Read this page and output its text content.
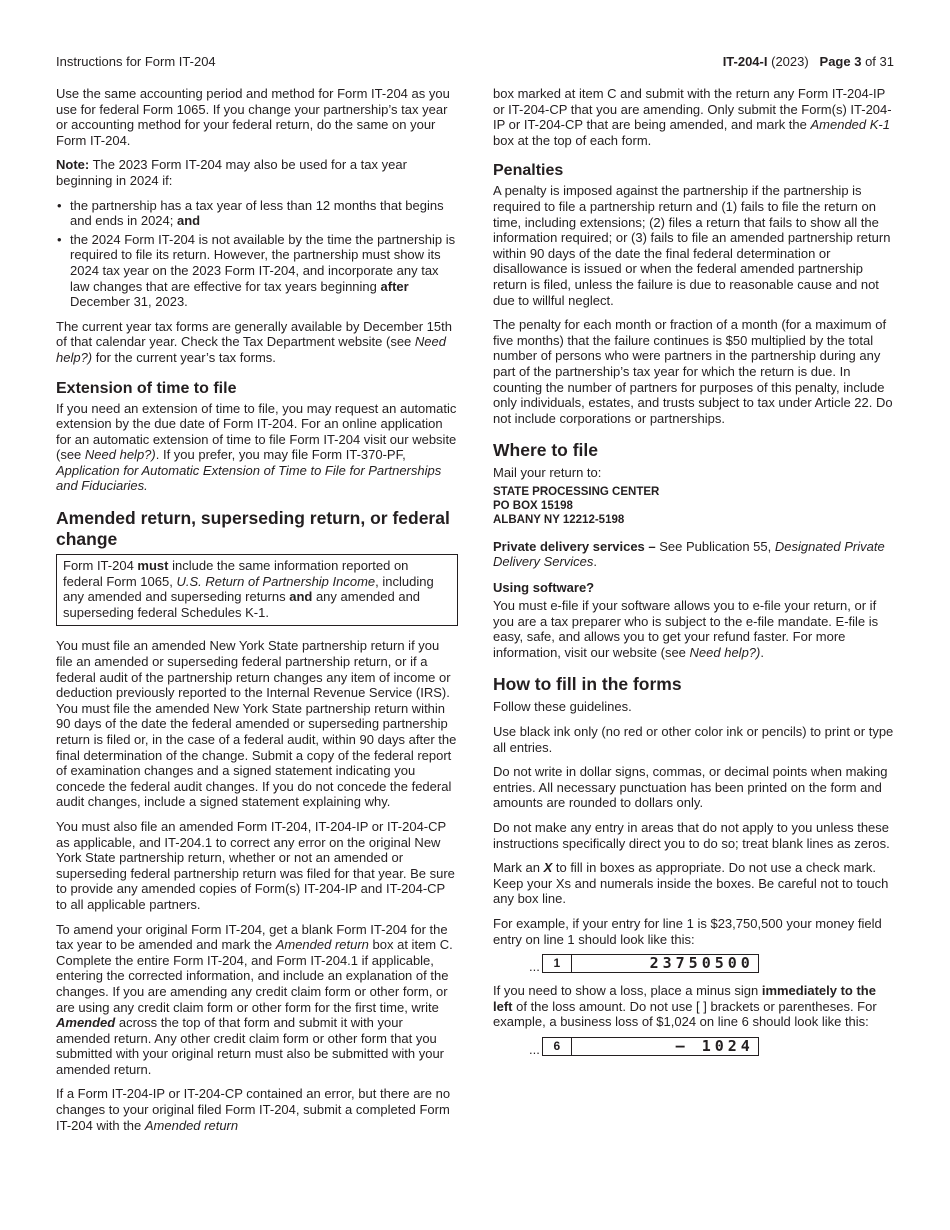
Instructions for Form IT-204	IT-204-I (2023) Page 3 of 31

Use the same accounting period and method for Form IT-204 as you use for federal Form 1065. If you change your partnership’s tax year or accounting method for your federal return, do the same on your Form IT-204.

Note: The 2023 Form IT-204 may also be used for a tax year beginning in 2024 if:

• the partnership has a tax year of less than 12 months that begins and ends in 2024; and
• the 2024 Form IT-204 is not available by the time the partnership is required to file its return. However, the partnership must show its 2024 tax year on the 2023 Form IT-204, and incorporate any tax law changes that are effective for tax years beginning after December 31, 2023.

The current year tax forms are generally available by December 15th of that calendar year. Check the Tax Department website (see Need help?) for the current year’s tax forms.

Extension of time to file

If you need an extension of time to file, you may request an automatic extension by the due date of Form IT-204. For an online application for an automatic extension of time to file Form IT-204 visit our website (see Need help?). If you prefer, you may file Form IT-370-PF, Application for Automatic Extension of Time to File for Partnerships and Fiduciaries.

Amended return, superseding return, or federal change

Form IT-204 must include the same information reported on federal Form 1065, U.S. Return of Partnership Income, including any amended and superseding returns and any amended and superseding federal Schedules K-1.

You must file an amended New York State partnership return if you file an amended or superseding federal partnership return, or if a federal audit of the partnership return changes any item of income or deduction previously reported to the Internal Revenue Service (IRS). You must file the amended New York State partnership return within 90 days of the date the federal amended or superseding partnership return is filed or, in the case of a federal audit, within 90 days after the final determination of the change. Submit a copy of the federal report of examination changes and a signed statement indicating you concede the federal audit changes. If you do not concede the federal audit changes, include a signed statement explaining why.

You must also file an amended Form IT-204, IT-204-IP or IT-204-CP as applicable, and IT-204.1 to correct any error on the original New York State partnership return, whether or not an amended or superseding federal partnership return was filed for that year. Be sure to provide any amended copies of Form(s) IT-204-IP and IT-204-CP to all applicable partners.

To amend your original Form IT-204, get a blank Form IT-204 for the tax year to be amended and mark the Amended return box at item C. Complete the entire Form IT-204, and Form IT-204.1 if applicable, entering the corrected information, and include an explanation of the changes. If you are amending any credit claim form or other form, or are using any credit claim form or other form for the first time, write Amended across the top of that form and submit it with your amended return. Any other credit claim form or other form that you submitted with your original return must also be submitted with your amended return.

If a Form IT-204-IP or IT-204-CP contained an error, but there are no changes to your original filed Form IT-204, submit a completed Form IT-204 with the Amended return

box marked at item C and submit with the return any Form IT-204-IP or IT-204-CP that you are amending. Only submit the Form(s) IT-204-IP or IT-204-CP that are being amended, and mark the Amended K-1 box at the top of each form.

Penalties

A penalty is imposed against the partnership if the partnership is required to file a partnership return and (1) fails to file the return on time, including extensions; (2) files a return that fails to show all the information required; or (3) fails to file an amended partnership return within 90 days of the date the final federal determination or disallowance is issued or when the federal amended partnership return is filed, unless the failure is due to reasonable cause and not due to willful neglect.

The penalty for each month or fraction of a month (for a maximum of five months) that the failure continues is $50 multiplied by the total number of persons who were partners in the partnership during any part of the partnership’s tax year for which the return is due. In counting the number of partners for purposes of this penalty, include only individuals, estates, and trusts subject to tax under Article 22. Do not include corporations or partnerships.

Where to file

Mail your return to:

STATE PROCESSING CENTER

PO BOX 15198

ALBANY NY 12212-5198

Private delivery services – See Publication 55, Designated Private Delivery Services.

Using software?

You must e-file if your software allows you to e-file your return, or if you are a tax preparer who is subject to the e-file mandate. E-file is easy, safe, and allows you to get your refund faster. For more information, visit our website (see Need help?).

How to fill in the forms

Follow these guidelines.

Use black ink only (no red or other color ink or pencils) to print or type all entries.

Do not write in dollar signs, commas, or decimal points when making entries. All necessary punctuation has been printed on the form and amounts are rounded to dollars only.

Do not make any entry in areas that do not apply to you unless these instructions specifically direct you to do so; treat blank lines as zeros.

Mark an X to fill in boxes as appropriate. Do not use a check mark. Keep your Xs and numerals inside the boxes. Be careful not to touch any box line.

For example, if your entry for line 1 is $23,750,500 your money field entry on line 1 should look like this:

...	1	23750500

If you need to show a loss, place a minus sign immediately to the left of the loss amount. Do not use [ ] brackets or parentheses. For example, a business loss of $1,024 on line 6 should look like this:

...	6	– 1024
